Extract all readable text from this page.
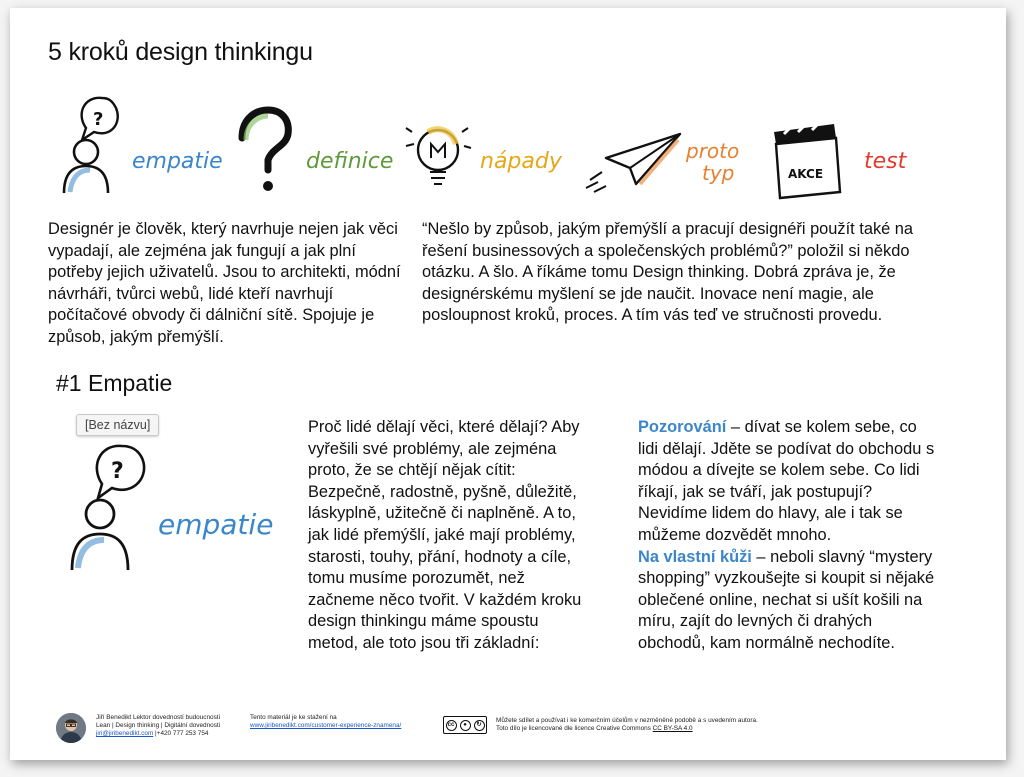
5 kroků design thinkingu
?
empatie	definice	nápady	proto
typ	AKCE test

Designér je člověk, který navrhuje nejen jak věci vypadají, ale zejména jak fungují a jak plní potřeby jejich uživatelů. Jsou to architekti, módní návrháři, tvůrci webů, lidé kteří navrhují počítačové obvody či dálniční sítě. Spojuje je způsob, jakým přemýšlí.

“Nešlo by způsob, jakým přemýšlí a pracují designéři použít také na řešení businessových a společenských problémů?” položil si někdo otázku. A šlo. A říkáme tomu Design thinking. Dobrá zpráva je, že designérskému myšlení se jde naučit. Inovace není magie, ale posloupnost kroků, proces. A tím vás teď ve stručnosti provedu.

#1 Empatie
?
empatie
[Bez názvu]	Proč lidé dělají věci, které dělají? Aby vyřešili své problémy, ale zejména proto, že se chtějí nějak cítit: Bezpečně, radostně, pyšně, důležitě, láskyplně, užitečně či naplněně. A to, jak lidé přemýšlí, jaké mají problémy, starosti, touhy, přání, hodnoty a cíle, tomu musíme porozumět, než začneme něco tvořit. V každém kroku design thinkingu máme spoustu metod, ale toto jsou tři základní:

Pozorování – dívat se kolem sebe, co lidi dělají. Jděte se podívat do obchodu s módou a dívejte se kolem sebe. Co lidi říkají, jak se tváří, jak postupují? Nevidíme lidem do hlavy, ale i tak se můžeme dozvědět mnoho.
Na vlastní kůži – neboli slavný “mystery shopping” vyzkoušejte si koupit si nějaké oblečené online, nechat si ušít košili na míru, zajít do levných či drahých obchodů, kam normálně nechodíte.

Jiří Benedikt Lektor dovedností budoucnosti
Lean | Design thinking | Digitální dovednosti
jiri@jiribenedikt.com |+420 777 253 754
Tento materiál je ke stažení na
www.jiribenedikt.com/customer-experience-znamena/	cc	●	↻
Můžete sdílet a používat i ke komerčním účelům v nezměněné podobě a s uvedením autora.
Toto dílo je licencované dle licence Creative Commons CC BY-SA 4.0
